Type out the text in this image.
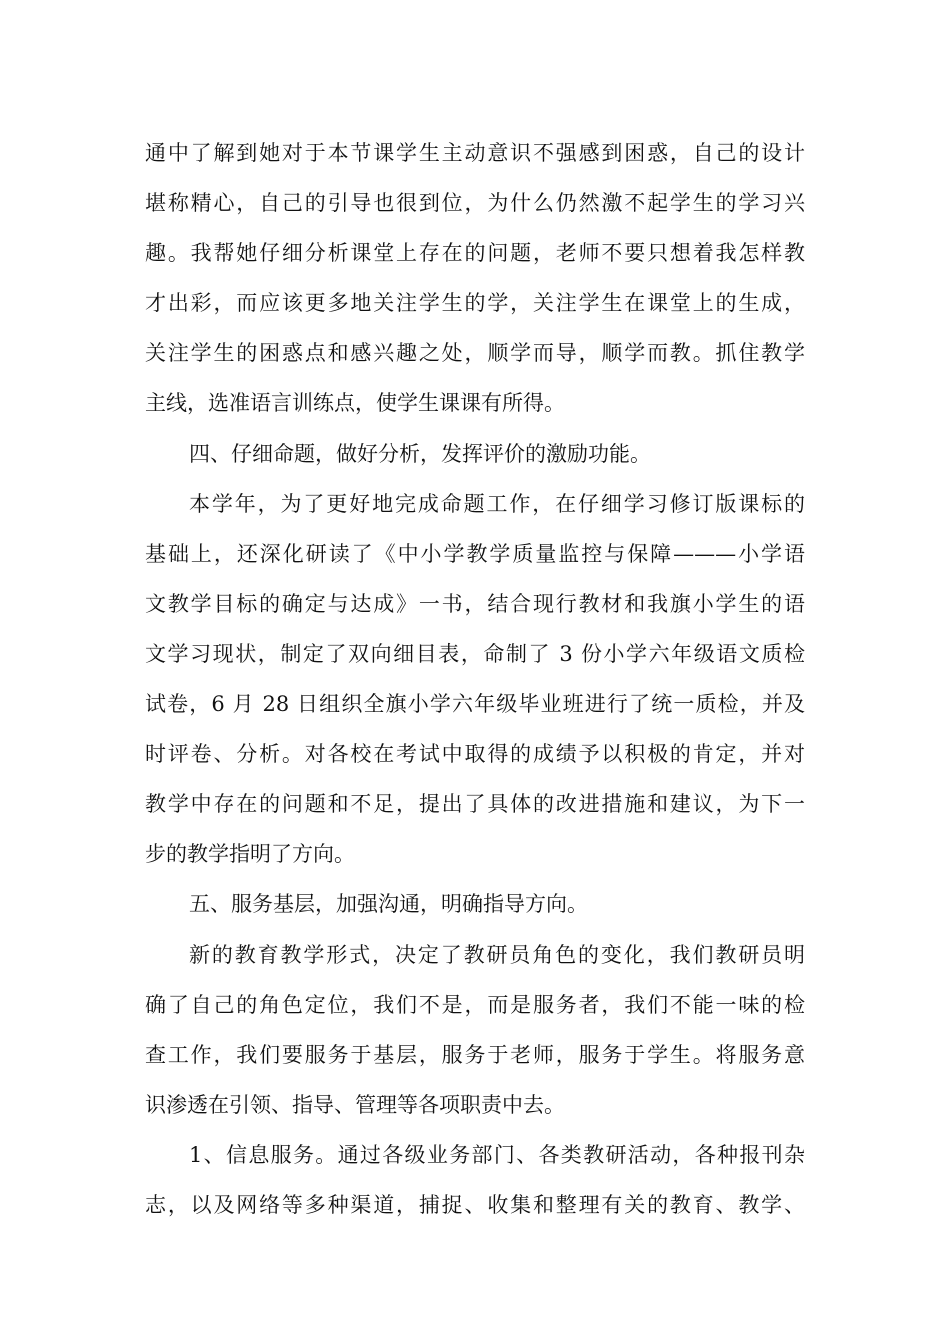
通中了解到她对于本节课学生主动意识不强感到困惑，自己的设计
堪称精心，自己的引导也很到位，为什么仍然激不起学生的学习兴
趣。我帮她仔细分析课堂上存在的问题，老师不要只想着我怎样教
才出彩，而应该更多地关注学生的学，关注学生在课堂上的生成，
关注学生的困惑点和感兴趣之处，顺学而导，顺学而教。抓住教学
主线，选准语言训练点，使学生课课有所得。
四、仔细命题，做好分析，发挥评价的激励功能。
本学年，为了更好地完成命题工作，在仔细学习修订版课标的
基础上，还深化研读了《中小学教学质量监控与保障———小学语
文教学目标的确定与达成》一书，结合现行教材和我旗小学生的语
文学习现状，制定了双向细目表，命制了 3 份小学六年级语文质检
试卷，6 月 28 日组织全旗小学六年级毕业班进行了统一质检，并及
时评卷、分析。对各校在考试中取得的成绩予以积极的肯定，并对
教学中存在的问题和不足，提出了具体的改进措施和建议，为下一
步的教学指明了方向。
五、服务基层，加强沟通，明确指导方向。
新的教育教学形式，决定了教研员角色的变化，我们教研员明
确了自己的角色定位，我们不是，而是服务者，我们不能一味的检
查工作，我们要服务于基层，服务于老师，服务于学生。将服务意
识渗透在引领、指导、管理等各项职责中去。
1、信息服务。通过各级业务部门、各类教研活动，各种报刊杂
志，以及网络等多种渠道，捕捉、收集和整理有关的教育、教学、
